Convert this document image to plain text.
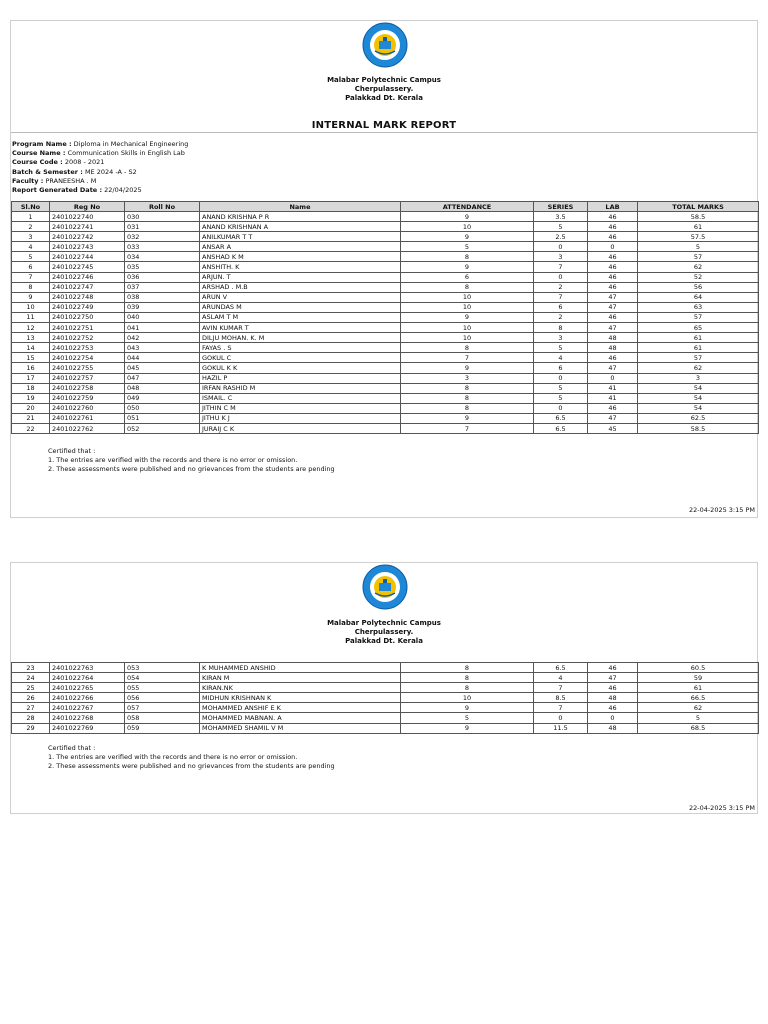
Malabar Polytechnic Campus
Cherpulassery.
Palakkad Dt. Kerala
INTERNAL MARK REPORT
Program Name : Diploma in Mechanical Engineering
Course Name : Communication Skills in English Lab
Course Code : 2008 - 2021
Batch & Semester : ME 2024 -A - S2
Faculty : PRANEESHA . M
Report Generated Date : 22/04/2025
Sl.No	Reg No	Roll No	Name	ATTENDANCE	SERIES	LAB	TOTAL MARKS
1	2401022740	030	ANAND KRISHNA P R	9	3.5	46	58.5
2	2401022741	031	ANAND KRISHNAN A	10	5	46	61
3	2401022742	032	ANILKUMAR T T	9	2.5	46	57.5
4	2401022743	033	ANSAR A	5	0	0	5
5	2401022744	034	ANSHAD K M	8	3	46	57
6	2401022745	035	ANSHITH. K	9	7	46	62
7	2401022746	036	ARJUN. T	6	0	46	52
8	2401022747	037	ARSHAD . M.B	8	2	46	56
9	2401022748	038	ARUN V	10	7	47	64
10	2401022749	039	ARUNDAS M	10	6	47	63
11	2401022750	040	ASLAM T M	9	2	46	57
12	2401022751	041	AVIN KUMAR T	10	8	47	65
13	2401022752	042	DILJU MOHAN. K. M	10	3	48	61
14	2401022753	043	FAYAS . S	8	5	48	61
15	2401022754	044	GOKUL C	7	4	46	57
16	2401022755	045	GOKUL K K	9	6	47	62
17	2401022757	047	HAZIL P	3	0	0	3
18	2401022758	048	IRFAN RASHID M	8	5	41	54
19	2401022759	049	ISMAIL. C	8	5	41	54
20	2401022760	050	JITHIN C M	8	0	46	54
21	2401022761	051	JITHU K J	9	6.5	47	62.5
22	2401022762	052	JURAIJ C K	7	6.5	45	58.5
Certified that :
1. The entries are verified with the records and there is no error or omission.
2. These assessments were published and no grievances from the students are pending
22-04-2025 3:15 PM
Malabar Polytechnic Campus
Cherpulassery.
Palakkad Dt. Kerala
23	2401022763	053	K MUHAMMED ANSHID	8	6.5	46	60.5
24	2401022764	054	KIRAN M	8	4	47	59
25	2401022765	055	KIRAN.NK	8	7	46	61
26	2401022766	056	MIDHUN KRISHNAN K	10	8.5	48	66.5
27	2401022767	057	MOHAMMED ANSHIF E K	9	7	46	62
28	2401022768	058	MOHAMMED MABNAN. A	5	0	0	5
29	2401022769	059	MOHAMMED SHAMIL V M	9	11.5	48	68.5
Certified that :
1. The entries are verified with the records and there is no error or omission.
2. These assessments were published and no grievances from the students are pending
22-04-2025 3:15 PM
